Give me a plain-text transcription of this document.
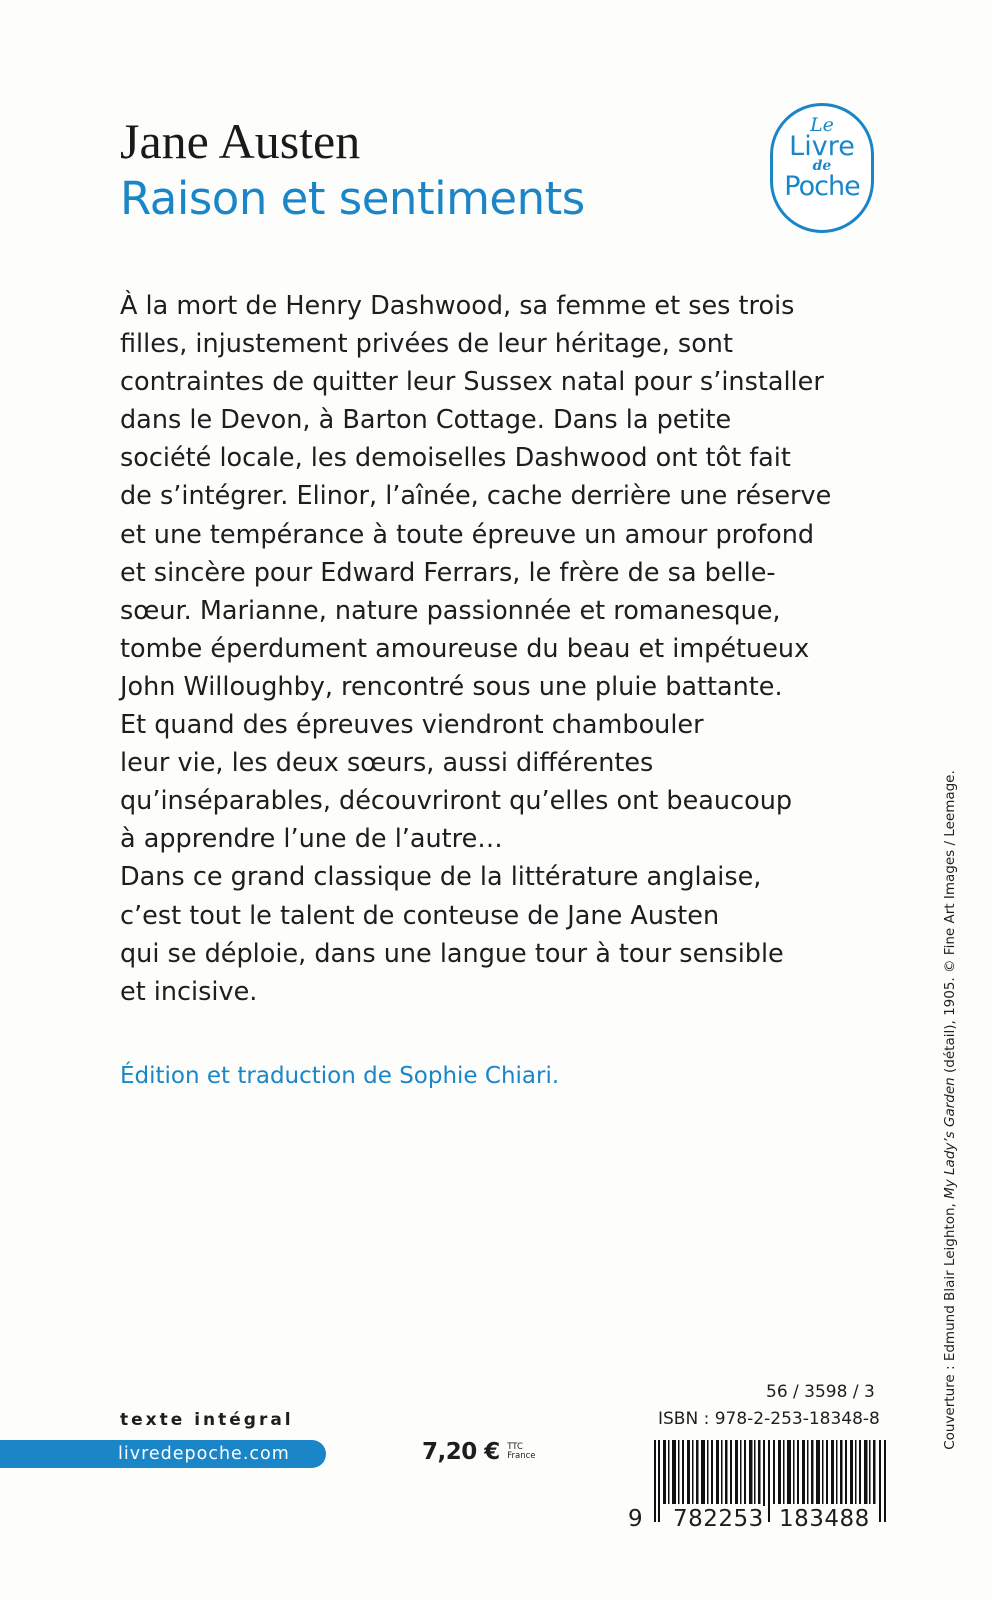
Jane Austen
Raison et sentiments
Le
Livre
de
Poche

À la mort de Henry Dashwood, sa femme et ses trois
filles, injustement privées de leur héritage, sont
contraintes de quitter leur Sussex natal pour s’installer
dans le Devon, à Barton Cottage. Dans la petite
société locale, les demoiselles Dashwood ont tôt fait
de s’intégrer. Elinor, l’aînée, cache derrière une réserve
et une tempérance à toute épreuve un amour profond
et sincère pour Edward Ferrars, le frère de sa belle-
sœur. Marianne, nature passionnée et romanesque,
tombe éperdument amoureuse du beau et impétueux
John Willoughby, rencontré sous une pluie battante.
Et quand des épreuves viendront chambouler
leur vie, les deux sœurs, aussi différentes
qu’inséparables, découvriront qu’elles ont beaucoup
à apprendre l’une de l’autre…
Dans ce grand classique de la littérature anglaise,
c’est tout le talent de conteuse de Jane Austen
qui se déploie, dans une langue tour à tour sensible
et incisive.

Édition et traduction de Sophie Chiari.
Couverture : Edmund Blair Leighton, My Lady’s Garden (détail), 1905. © Fine Art Images / Leemage.
texte intégral
livredepoche.com	7,20 € TTC
France
56 / 3598 / 3
ISBN : 978-2-253-18348-8
9 782253 183488
